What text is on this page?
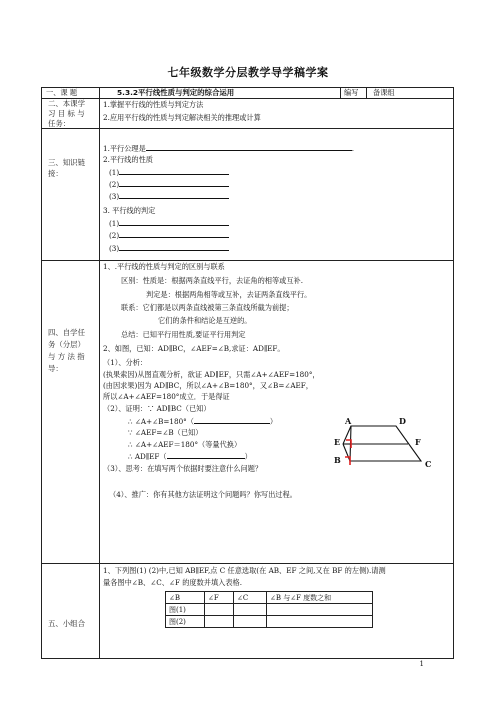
七年级数学分层教学导学稿学案
一、课 题	5.3.2平行线性质与判定的综合运用	编写 备课组
二、本课学
习 目 标 与
任务：
1.掌握平行线的性质与判定方法
2.应用平行线的性质与判定解决相关的推理或计算
三、知识链
接：
1.平行公理是	.
2.平行线的性质
(1)
(2)
(3)
3. 平行线的判定
(1)
(2)
(3)
四、自学任
务（分层）
与 方 法 指
导：
1、.平行线的性质与判定的区别与联系
区别：性质是：根据两条直线平行，去证角的相等或互补.
判定是：根据两角相等或互补，去证两条直线平行。
联系：它们都是以两条直线被第三条直线所截为前提；
它们的条件和结论是互逆的。
总结：已知平行用性质,要证平行用判定
2、如图，已知：AD∥BC，∠AEF=∠B,求证：AD∥EF。
（1）、分析：
(执果索因)从图直观分析，欲证 AD∥EF，只需∠A+∠AEF=180°，
(由因求果)因为 AD∥BC，所以∠A+∠B=180°，又∠B=∠AEF，
所以∠A+∠AEF=180°成立．于是得证
（2）、证明：∵ AD∥BC（已知）
∴ ∠A+∠B=180°（	）
∵ ∠AEF=∠B（已知）
∴ ∠A+∠AEF＝180°（等量代换）
∴ AD∥EF（	）
（3）、思考：在填写两个依据时要注意什么问题？
（4）、推广：你有其他方法证明这个问题吗？你写出过程。
A	D
E	F
B	C
五、小组合
1、下列图(1) (2)中,已知 AB∥EF,点 C 任意选取(在 AB、EF 之间,又在 BF 的左侧).请测
量各图中∠B、∠C、∠F 的度数并填入表格.
∠B	∠F	∠C	∠B 与∠F 度数之和
图(1)			
图(2)			
1
